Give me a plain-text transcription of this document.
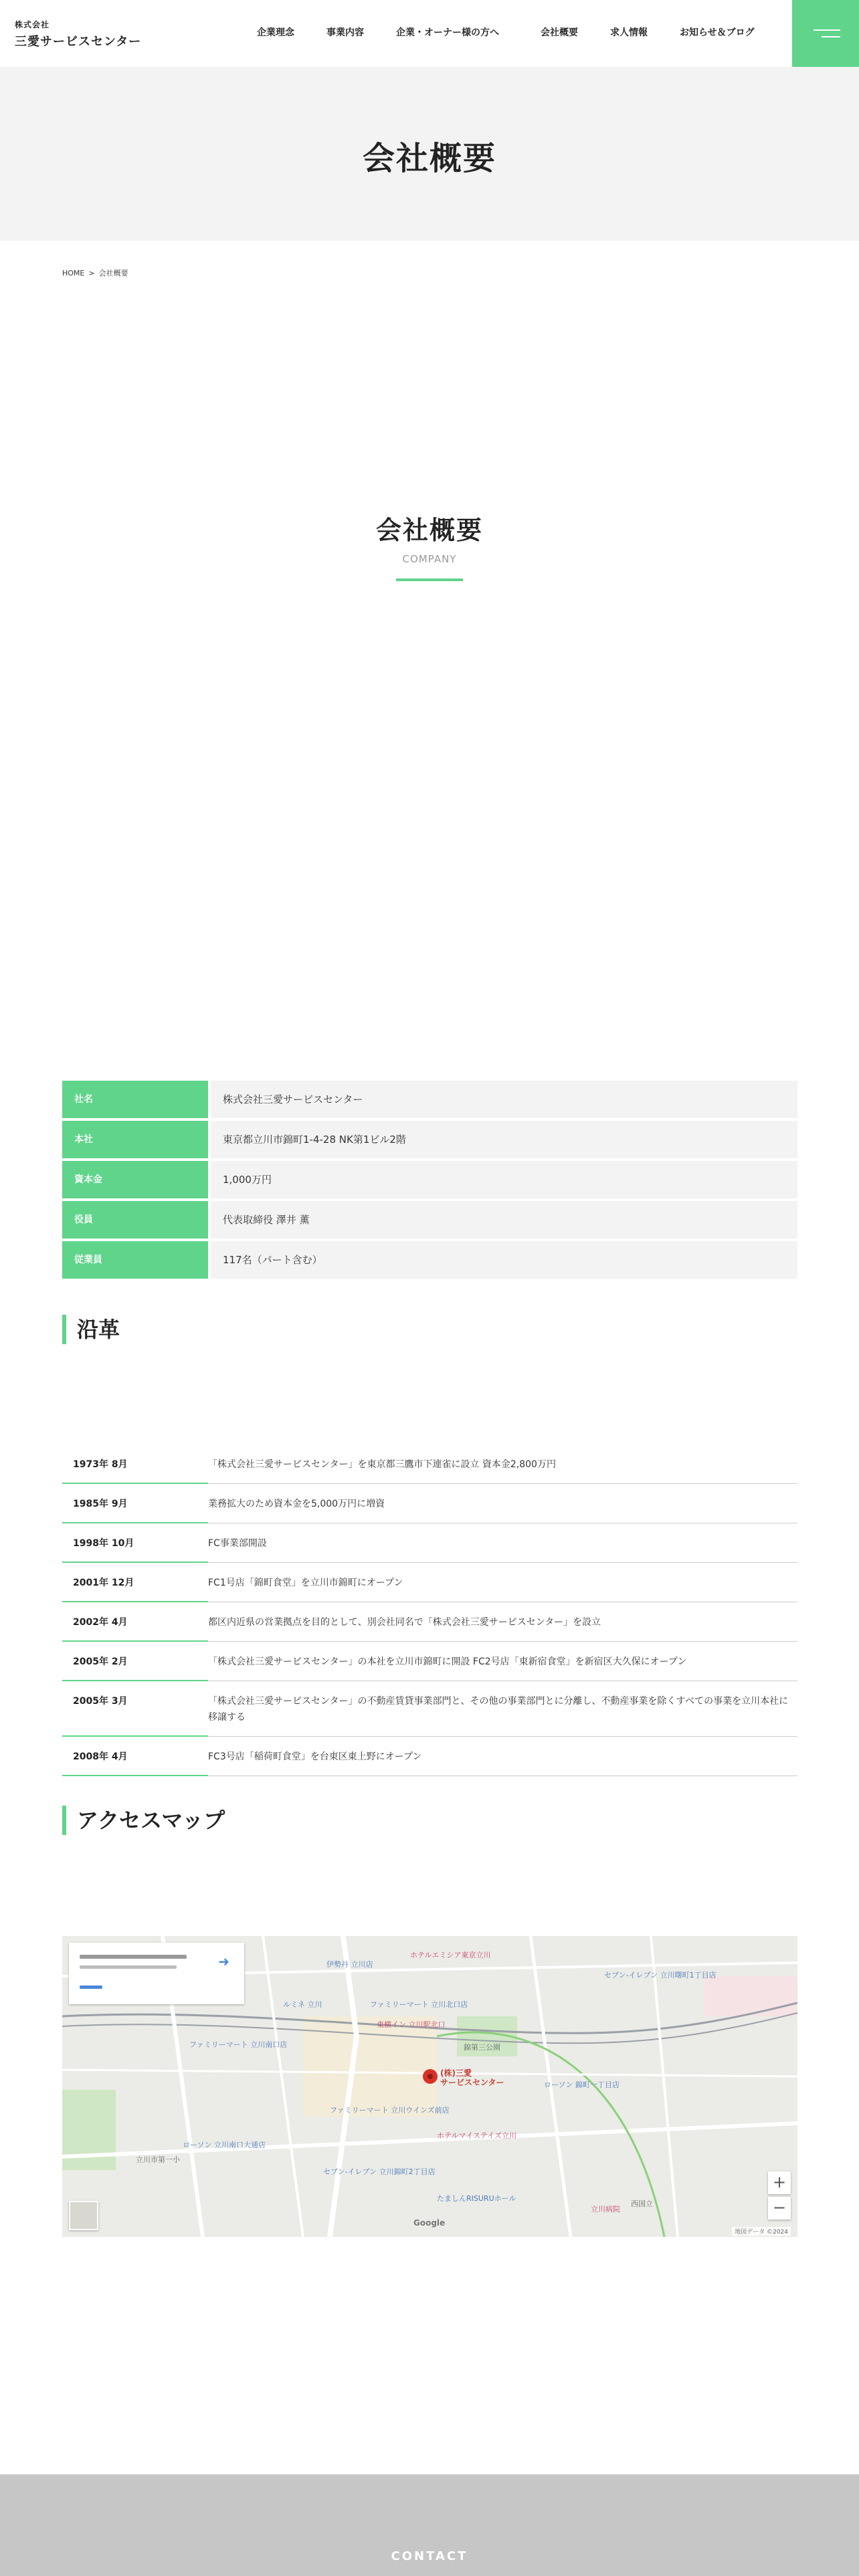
株式会社
三愛サービスセンター
企業理念	事業内容	企業・オーナー様の方へ	会社概要	求人情報	お知らせ＆ブログ
会社概要
HOME > 会社概要
会社概要
COMPANY
社名	株式会社三愛サービスセンター
本社	東京都立川市錦町1-4-28 NK第1ビル2階
資本金	1,000万円
役員	代表取締役 澤井 薫
従業員	117名（パート含む）
沿革
1973年 8月	「株式会社三愛サービスセンター」を東京都三鷹市下連雀に設立 資本金2,800万円
1985年 9月	業務拡大のため資本金を5,000万円に増資
1998年 10月	FC事業部開設
2001年 12月	FC1号店「錦町食堂」を立川市錦町にオープン
2002年 4月	都区内近県の営業拠点を目的として、別会社同名で「株式会社三愛サービスセンター」を設立
2005年 2月	「株式会社三愛サービスセンター」の本社を立川市錦町に開設 FC2号店「東新宿食堂」を新宿区大久保にオープン
2005年 3月	「株式会社三愛サービスセンター」の不動産賃貸事業部門と、その他の事業部門とに分離し、不動産事業を除くすべての事業を立川本社に移譲する
2008年 4月	FC3号店「稲荷町食堂」を台東区東上野にオープン
アクセスマップ
➜
(株)三愛
サービスセンター
ホテルエミシア東京立川
伊勢丹 立川店
ファミリーマート 立川北口店
東横イン 立川駅北口
セブン-イレブン 立川曙町1丁目店
ファミリーマート 立川南口店
ルミネ 立川
ファミリーマート 立川ウインズ前店
ローソン 錦町一丁目店
ホテルマイステイズ立川
ローソン 立川南口大通店
セブン-イレブン 立川錦町2丁目店
たましんRISURUホール
立川病院
西国立
錦第三公園
立川市第一小
+
−
Google
地図データ ©2024
CONTACT
